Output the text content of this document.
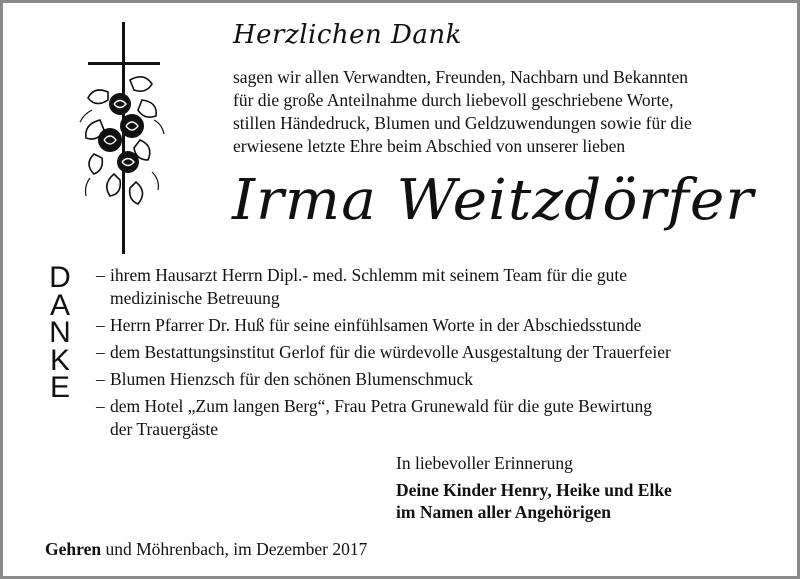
Herzlichen Dank
sagen wir allen Verwandten, Freunden, Nachbarn und Bekannten
für die große Anteilnahme durch liebevoll geschriebene Worte,
stillen Händedruck, Blumen und Geldzuwendungen sowie für die
erwiesene letzte Ehre beim Abschied von unserer lieben
Irma Weitzdörfer
D
A
N
K
E
– ihrem Hausarzt Herrn Dipl.- med. Schlemm mit seinem Team für die gute
medizinische Betreuung
– Herrn Pfarrer Dr. Huß für seine einfühlsamen Worte in der Abschiedsstunde
– dem Bestattungsinstitut Gerlof für die würdevolle Ausgestaltung der Trauerfeier
– Blumen Hienzsch für den schönen Blumenschmuck
– dem Hotel „Zum langen Berg“, Frau Petra Grunewald für die gute Bewirtung
der Trauergäste
In liebevoller Erinnerung
Deine Kinder Henry, Heike und Elke
im Namen aller Angehörigen
Gehren und Möhrenbach, im Dezember 2017
